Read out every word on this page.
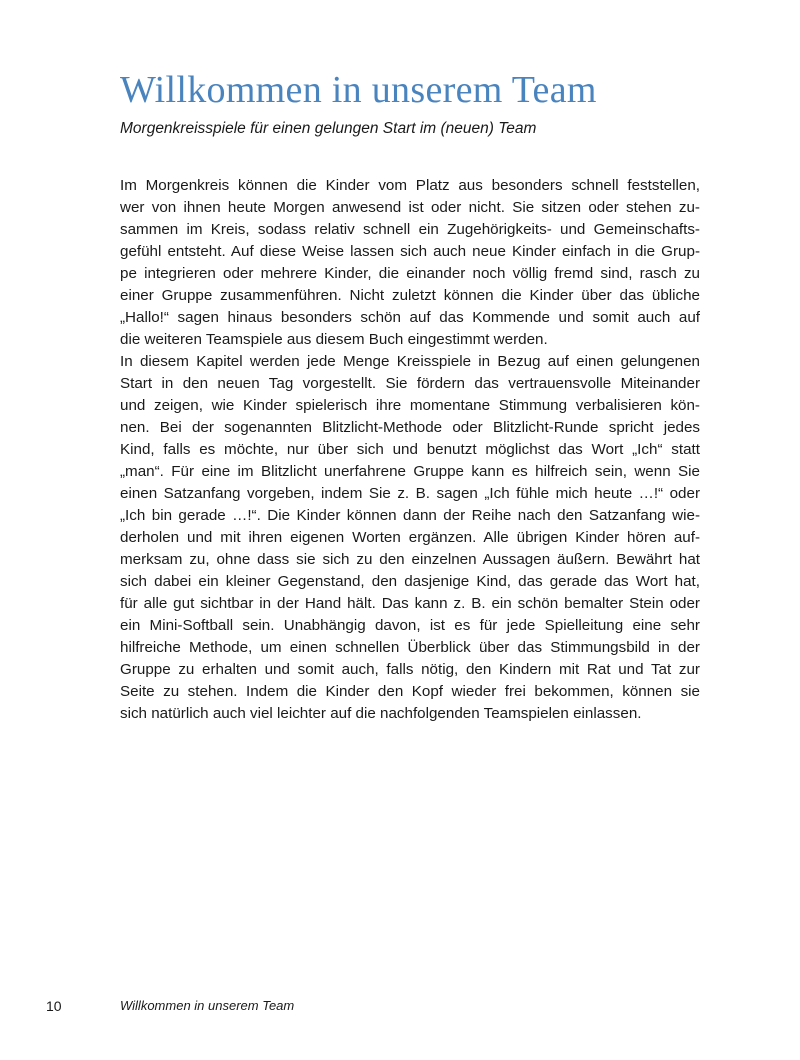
Willkommen in unserem Team
Morgenkreisspiele für einen gelungen Start im (neuen) Team
Im Morgenkreis können die Kinder vom Platz aus besonders schnell feststellen,
wer von ihnen heute Morgen anwesend ist oder nicht. Sie sitzen oder stehen zu-
sammen im Kreis, sodass relativ schnell ein Zugehörigkeits- und Gemeinschafts-
gefühl entsteht. Auf diese Weise lassen sich auch neue Kinder einfach in die Grup-
pe integrieren oder mehrere Kinder, die einander noch völlig fremd sind, rasch zu
einer Gruppe zusammenführen. Nicht zuletzt können die Kinder über das übliche
„Hallo!“ sagen hinaus besonders schön auf das Kommende und somit auch auf
die weiteren Teamspiele aus diesem Buch eingestimmt werden.
In diesem Kapitel werden jede Menge Kreisspiele in Bezug auf einen gelungenen
Start in den neuen Tag vorgestellt. Sie fördern das vertrauensvolle Miteinander
und zeigen, wie Kinder spielerisch ihre momentane Stimmung verbalisieren kön-
nen. Bei der sogenannten Blitzlicht-Methode oder Blitzlicht-Runde spricht jedes
Kind, falls es möchte, nur über sich und benutzt möglichst das Wort „Ich“ statt
„man“. Für eine im Blitzlicht unerfahrene Gruppe kann es hilfreich sein, wenn Sie
einen Satzanfang vorgeben, indem Sie z. B. sagen „Ich fühle mich heute …!“ oder
„Ich bin gerade …!“. Die Kinder können dann der Reihe nach den Satzanfang wie-
derholen und mit ihren eigenen Worten ergänzen. Alle übrigen Kinder hören auf-
merksam zu, ohne dass sie sich zu den einzelnen Aussagen äußern. Bewährt hat
sich dabei ein kleiner Gegenstand, den dasjenige Kind, das gerade das Wort hat,
für alle gut sichtbar in der Hand hält. Das kann z. B. ein schön bemalter Stein oder
ein Mini-Softball sein. Unabhängig davon, ist es für jede Spielleitung eine sehr
hilfreiche Methode, um einen schnellen Überblick über das Stimmungsbild in der
Gruppe zu erhalten und somit auch, falls nötig, den Kindern mit Rat und Tat zur
Seite zu stehen. Indem die Kinder den Kopf wieder frei bekommen, können sie
sich natürlich auch viel leichter auf die nachfolgenden Teamspielen einlassen.
10	Willkommen in unserem Team
